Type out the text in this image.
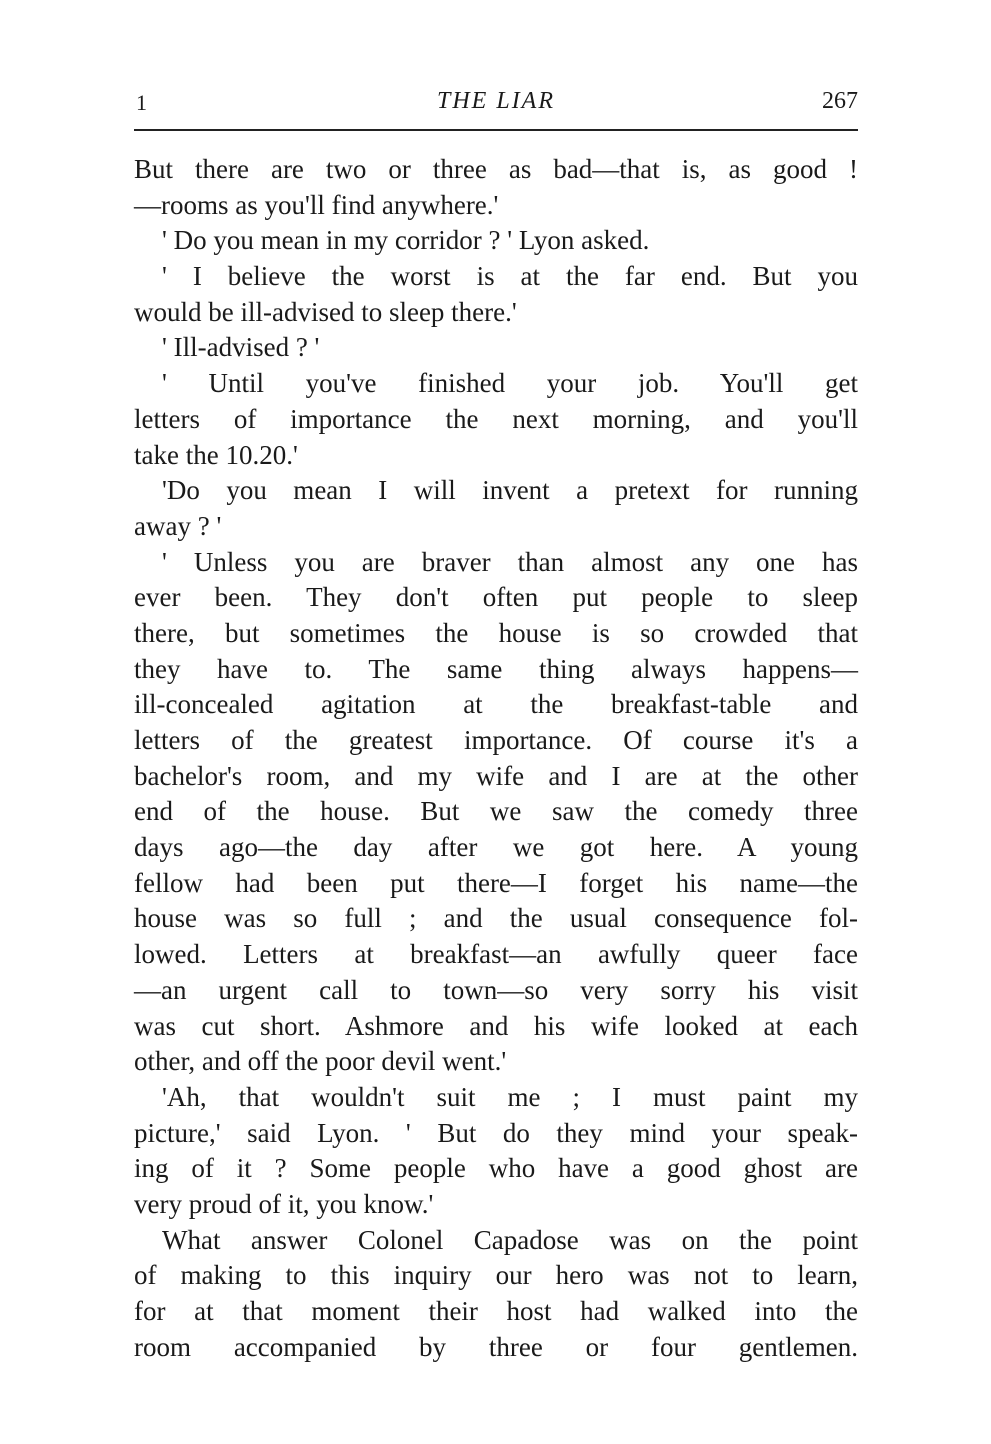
1	THE LIAR	267
But there are two or three as bad—that is, as good !
—rooms as you'll find anywhere.'
' Do you mean in my corridor ? ' Lyon asked.
' I believe the worst is at the far end. But you
would be ill-advised to sleep there.'
' Ill-advised ? '
' Until you've finished your job. You'll get
letters of importance the next morning, and you'll
take the 10.20.'
'Do you mean I will invent a pretext for running
away ? '
' Unless you are braver than almost any one has
ever been. They don't often put people to sleep
there, but sometimes the house is so crowded that
they have to. The same thing always happens—
ill-concealed agitation at the breakfast-table and
letters of the greatest importance. Of course it's a
bachelor's room, and my wife and I are at the other
end of the house. But we saw the comedy three
days ago—the day after we got here. A young
fellow had been put there—I forget his name—the
house was so full ; and the usual consequence fol-
lowed. Letters at breakfast—an awfully queer face
—an urgent call to town—so very sorry his visit
was cut short. Ashmore and his wife looked at each
other, and off the poor devil went.'
'Ah, that wouldn't suit me ; I must paint my
picture,' said Lyon. ' But do they mind your speak-
ing of it ? Some people who have a good ghost are
very proud of it, you know.'
What answer Colonel Capadose was on the point
of making to this inquiry our hero was not to learn,
for at that moment their host had walked into the
room accompanied by three or four gentlemen.
